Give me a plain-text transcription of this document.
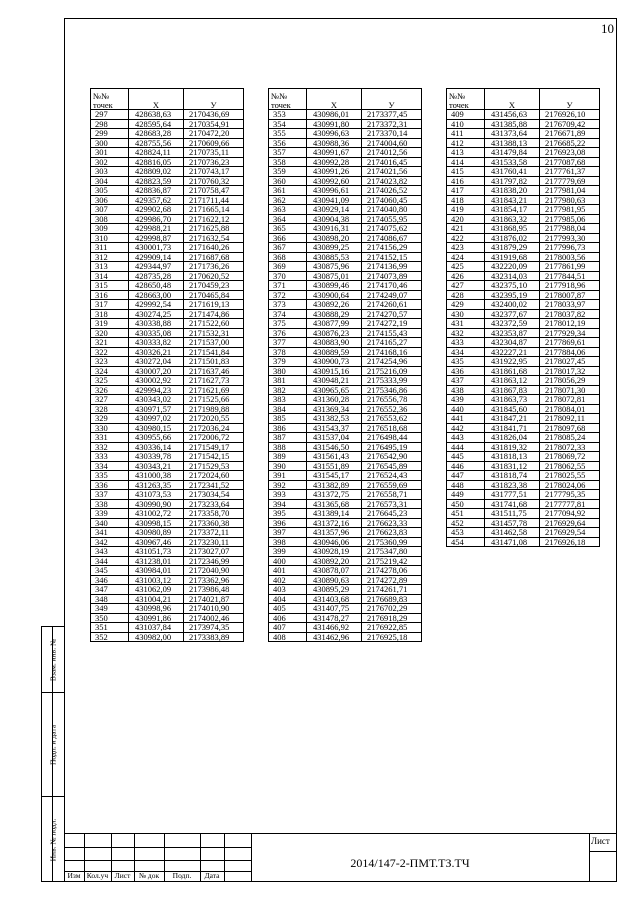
10
№№
точек	X	У
297	428638,63	2170436,69
298	428595,64	2170354,91
299	428683,28	2170472,20
300	428755,56	2170609,66
301	428824,11	2170735,11
302	428816,05	2170736,23
303	428809,02	2170743,17
304	428823,59	2170760,32
305	428836,87	2170758,47
306	429357,62	2171711,44
307	429902,68	2171665,14
308	429986,70	2171622,12
309	429988,21	2171625,88
310	429998,87	2171632,54
311	430001,73	2171640,26
312	429909,14	2171687,68
313	429344,97	2171736,26
314	428735,28	2170620,52
315	428650,48	2170459,23
316	428663,00	2170465,84
317	429992,54	2171619,13
318	430274,25	2171474,86
319	430338,88	2171522,60
320	430335,08	2171532,31
321	430333,82	2171537,00
322	430326,21	2171541,84
323	430272,04	2171501,83
324	430007,20	2171637,46
325	430002,92	2171627,73
326	429994,23	2171621,69
327	430343,02	2171525,66
328	430971,57	2171989,88
329	430997,02	2172020,55
330	430980,15	2172036,24
331	430955,66	2172006,72
332	430336,14	2171549,17
333	430339,78	2171542,15
334	430343,21	2171529,53
335	431000,38	2172024,60
336	431263,35	2172341,52
337	431073,53	2173034,54
338	430990,90	2173233,64
339	431002,72	2173358,70
340	430998,15	2173360,38
341	430980,89	2173372,11
342	430967,46	2173230,11
343	431051,73	2173027,07
344	431238,01	2172346,99
345	430984,01	2172040,90
346	431003,12	2173362,96
347	431062,09	2173986,48
348	431004,21	2174021,87
349	430998,96	2174010,90
350	430991,86	2174002,46
351	431037,84	2173974,35
352	430982,00	2173383,89
№№
точек	X	У
353	430986,01	2173377,45
354	430991,80	2173372,31
355	430996,63	2173370,14
356	430988,36	2174004,60
357	430991,67	2174012,56
358	430992,28	2174016,45
359	430991,26	2174021,56
360	430992,60	2174023,82
361	430996,61	2174026,52
362	430941,09	2174060,45
363	430929,14	2174040,80
364	430904,38	2174055,95
365	430916,31	2174075,62
366	430898,20	2174086,67
367	430899,25	2174156,29
368	430885,53	2174152,15
369	430875,96	2174136,99
370	430875,01	2174073,89
371	430899,46	2174170,46
372	430900,64	2174249,07
373	430892,26	2174260,61
374	430888,29	2174270,57
375	430877,99	2174272,19
376	430876,23	2174155,43
377	430883,90	2174165,27
378	430889,59	2174168,16
379	430900,73	2174254,96
380	430915,16	2175216,09
381	430948,21	2175333,99
382	430965,65	2175346,86
383	431360,28	2176556,78
384	431369,34	2176552,36
385	431382,53	2176553,62
386	431543,37	2176518,68
387	431537,04	2176498,44
388	431546,50	2176495,19
389	431561,43	2176542,90
390	431551,89	2176545,89
391	431545,17	2176524,43
392	431382,89	2176559,69
393	431372,75	2176558,71
394	431365,68	2176573,31
395	431389,14	2176645,23
396	431372,16	2176623,33
397	431357,96	2176623,83
398	430946,06	2175360,99
399	430928,19	2175347,80
400	430892,20	2175219,42
401	430878,07	2174278,06
402	430890,63	2174272,89
403	430895,29	2174261,71
404	431403,68	2176689,83
405	431407,75	2176702,29
406	431478,27	2176918,29
407	431466,92	2176922,85
408	431462,96	2176925,18
№№
точек	X	У
409	431456,63	2176926,10
410	431385,88	2176709,42
411	431373,64	2176671,89
412	431388,13	2176685,22
413	431479,84	2176923,08
414	431533,58	2177087,68
415	431760,41	2177761,37
416	431797,82	2177779,69
417	431838,20	2177981,04
418	431843,21	2177980,63
419	431854,17	2177981,95
420	431863,32	2177985,06
421	431868,95	2177988,04
422	431876,02	2177993,30
423	431879,29	2177996,73
424	431919,68	2178003,56
425	432220,09	2177861,99
426	432314,03	2177844,51
427	432375,10	2177918,96
428	432395,19	2178007,87
429	432400,02	2178033,97
430	432377,67	2178037,82
431	432372,59	2178012,19
432	432353,87	2177929,34
433	432304,87	2177869,61
434	432227,21	2177884,06
435	431922,95	2178027,45
436	431861,68	2178017,32
437	431863,12	2178056,29
438	431867,83	2178071,30
439	431863,73	2178072,81
440	431845,60	2178084,01
441	431847,21	2178092,11
442	431841,71	2178097,68
443	431826,04	2178085,24
444	431819,32	2178072,33
445	431818,13	2178069,72
446	431831,12	2178062,55
447	431818,74	2178025,55
448	431823,38	2178024,06
449	431777,51	2177795,35
450	431741,68	2177777,81
451	431511,75	2177094,92
452	431457,78	2176929,64
453	431462,58	2176929,54
454	431471,08	2176926,18
Взам. инв. №
Подп. и дата
Инв. № подл.
Изм Кол.уч Лист	№ док	Подп.	Дата
2014/147-2-ПМТ.ТЗ.ТЧ
Лист
